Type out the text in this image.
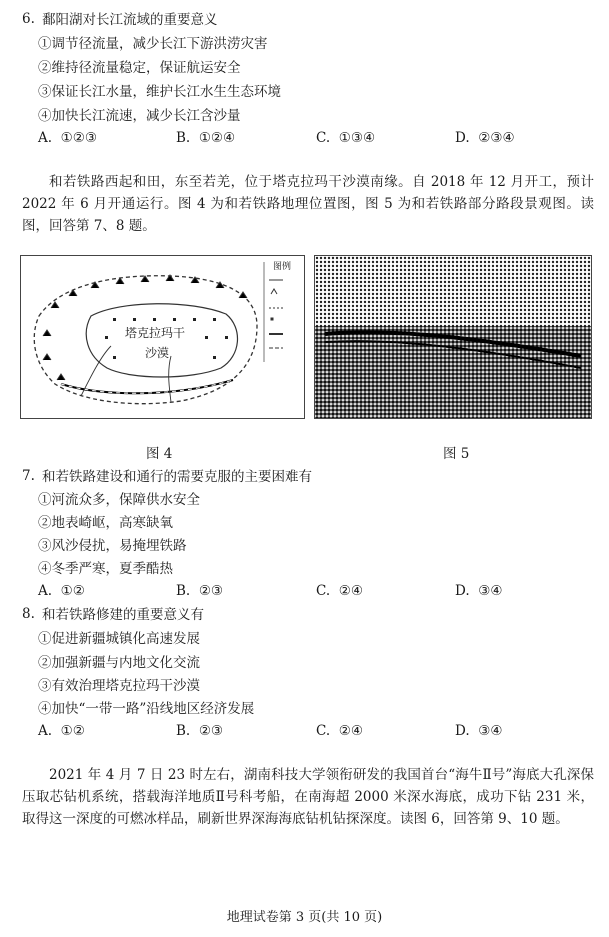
6. 鄱阳湖对长江流域的重要意义
①调节径流量，减少长江下游洪涝灾害
②维持径流量稳定，保证航运安全
③保证长江水量，维护长江水生生态环境
④加快长江流速，减少长江含沙量
A. ①②③	B. ①②④	C. ①③④	D. ②③④
和若铁路西起和田，东至若羌，位于塔克拉玛干沙漠南缘。自 2018 年 12 月开工，预计 2022 年 6 月开通运行。图 4 为和若铁路地理位置图，图 5 为和若铁路部分路段景观图。读图，回答第 7、8 题。
图例
塔克拉玛干
沙漠
图 4	图 5
7. 和若铁路建设和通行的需要克服的主要困难有
①河流众多，保障供水安全
②地表崎岖，高寒缺氧
③风沙侵扰，易掩埋铁路
④冬季严寒，夏季酷热
A. ①②	B. ②③	C. ②④	D. ③④
8. 和若铁路修建的重要意义有
①促进新疆城镇化高速发展
②加强新疆与内地文化交流
③有效治理塔克拉玛干沙漠
④加快“一带一路”沿线地区经济发展
A. ①②	B. ②③	C. ②④	D. ③④
2021 年 4 月 7 日 23 时左右，湖南科技大学领衔研发的我国首台“海牛Ⅱ号”海底大孔深保压取芯钻机系统，搭载海洋地质Ⅱ号科考船，在南海超 2000 米深水海底，成功下钻 231 米，取得这一深度的可燃冰样品，刷新世界深海海底钻机钻探深度。读图 6，回答第 9、10 题。
地理试卷第 3 页(共 10 页)
